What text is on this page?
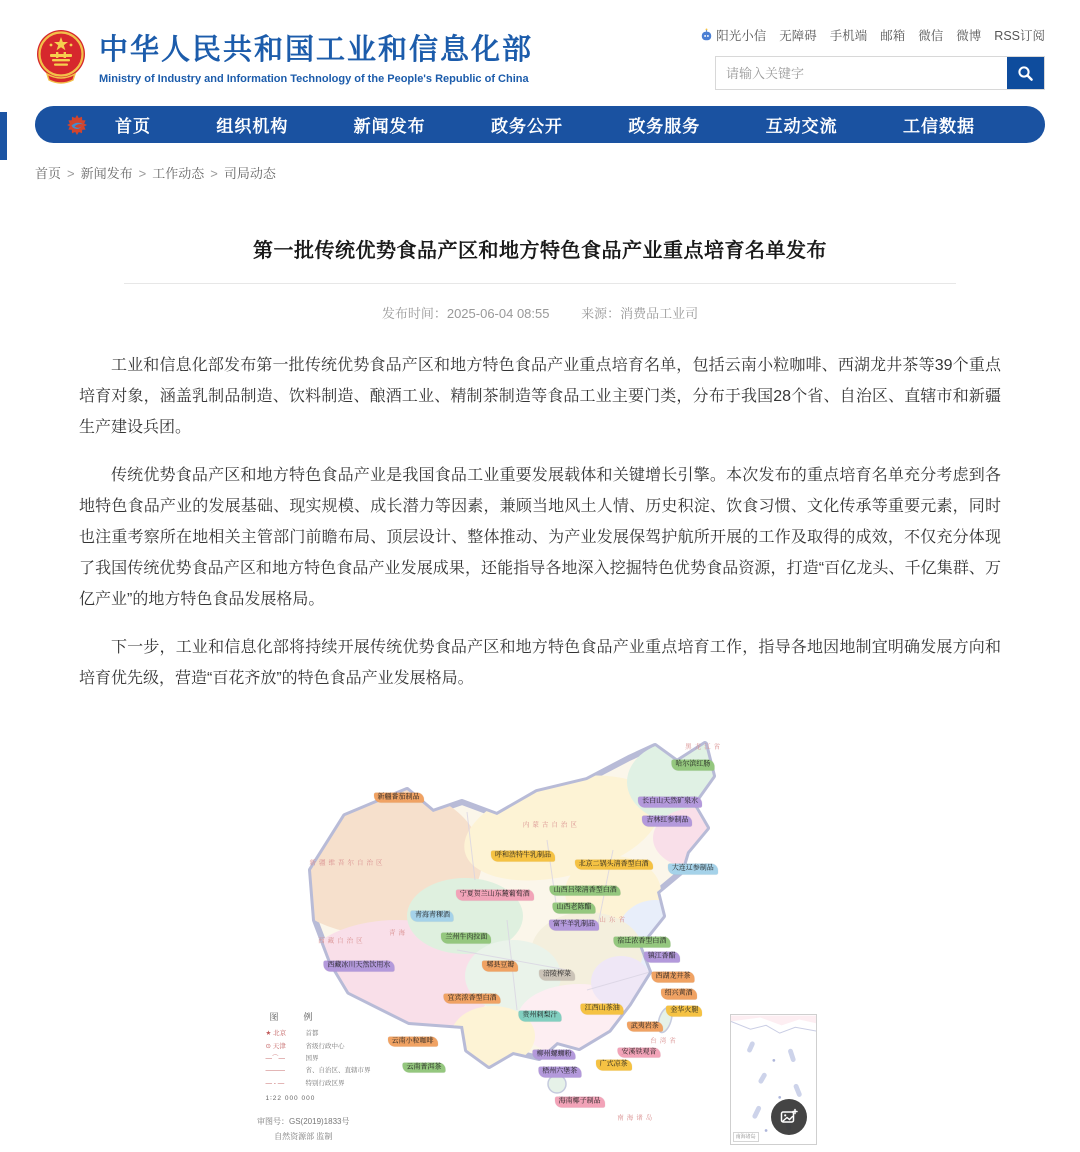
中华人民共和国工业和信息化部
Ministry of Industry and Information Technology of the People's Republic of China
阳光小信 无障碍 手机端 邮箱 微信 微博 RSS订阅
请输入关键字
首页	组织机构	新闻发布	政务公开	政务服务	互动交流	工信数据
首页 > 新闻发布 > 工作动态 > 司局动态
第一批传统优势食品产区和地方特色食品产业重点培育名单发布
发布时间：2025-06-04 08:55 来源：消费品工业司

工业和信息化部发布第一批传统优势食品产区和地方特色食品产业重点培育名单，包括云南小粒咖啡、西湖龙井茶等39个重点培育对象，涵盖乳制品制造、饮料制造、酿酒工业、精制茶制造等食品工业主要门类，分布于我国28个省、自治区、直辖市和新疆生产建设兵团。

传统优势食品产区和地方特色食品产业是我国食品工业重要发展载体和关键增长引擎。本次发布的重点培育名单充分考虑到各地特色食品产业的发展基础、现实规模、成长潜力等因素，兼顾当地风土人情、历史积淀、饮食习惯、文化传承等重要元素，同时也注重考察所在地相关主管部门前瞻布局、顶层设计、整体推动、为产业发展保驾护航所开展的工作及取得的成效，不仅充分体现了我国传统优势食品产区和地方特色食品产业发展成果，还能指导各地深入挖掘特色优势食品资源，打造“百亿龙头、千亿集群、万亿产业”的地方特色食品发展格局。

下一步，工业和信息化部将持续开展传统优势食品产区和地方特色食品产业重点培育工作，指导各地因地制宜明确发展方向和培育优先级，营造“百花齐放”的特色食品产业发展格局。

新疆番茄制品
哈尔滨红肠
长白山天然矿泉水
吉林红参制品
呼和浩特牛乳制品
北京二锅头清香型白酒
大连辽参制品
山西吕梁清香型白酒
山西老陈醋
宁夏贺兰山东麓葡萄酒
青海青稞酒
兰州牛肉拉面
富平羊乳制品
宿迁浓香型白酒
镇江香醋
西湖龙井茶
绍兴黄酒
金华火腿
西藏冰川天然饮用水	郫县豆瓣
涪陵榨菜
宜宾浓香型白酒
贵州刺梨汁
江西山茶油
武夷岩茶
安溪铁观音
云南小粒咖啡
云南普洱茶
柳州螺蛳粉
梧州六堡茶
广式凉茶
海南椰子制品
新疆维吾尔自治区
西藏自治区
青海
内蒙古自治区
黑龙江省
山东省
台湾省
南海诸岛
图　例
★ 北京	首都
⊙ 天津	省级行政中心
—⌒—	国界
———	省、自治区、直辖市界
— - —	特别行政区界
1∶22 000 000
审图号：GS(2019)1833号
自然资源部 监制	南海诸岛
